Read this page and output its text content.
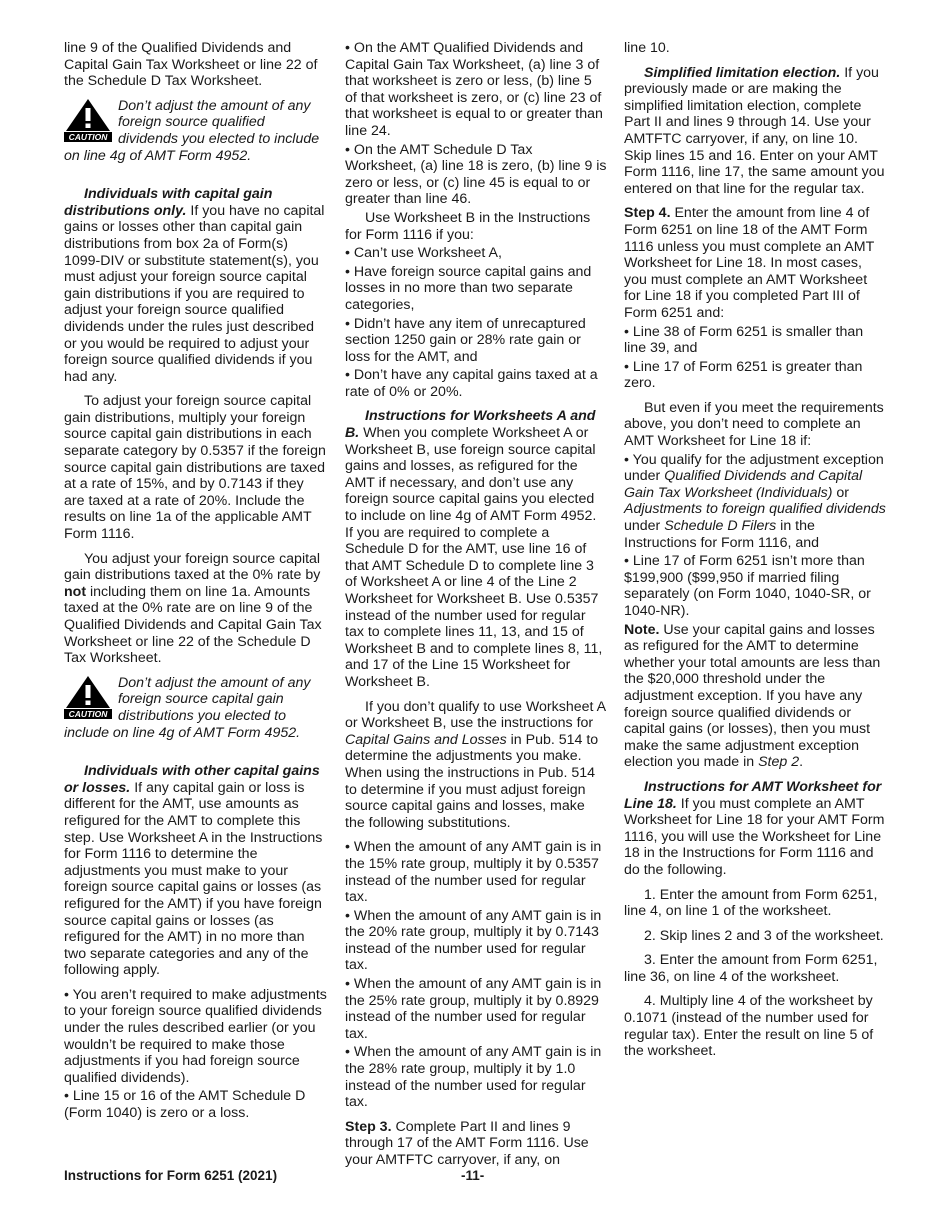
line 9 of the Qualified Dividends and Capital Gain Tax Worksheet or line 22 of the Schedule D Tax Worksheet.

CAUTION
Don’t adjust the amount of any foreign source qualified dividends you elected to include on line 4g of AMT Form 4952.

Individuals with capital gain distributions only. If you have no capital gains or losses other than capital gain distributions from box 2a of Form(s) 1099-DIV or substitute statement(s), you must adjust your foreign source capital gain distributions if you are required to adjust your foreign source qualified dividends under the rules just described or you would be required to adjust your foreign source qualified dividends if you had any.

To adjust your foreign source capital gain distributions, multiply your foreign source capital gain distributions in each separate category by 0.5357 if the foreign source capital gain distributions are taxed at a rate of 15%, and by 0.7143 if they are taxed at a rate of 20%. Include the results on line 1a of the applicable AMT Form 1116.

You adjust your foreign source capital gain distributions taxed at the 0% rate by not including them on line 1a. Amounts taxed at the 0% rate are on line 9 of the Qualified Dividends and Capital Gain Tax Worksheet or line 22 of the Schedule D Tax Worksheet.

CAUTION
Don’t adjust the amount of any foreign source capital gain distributions you elected to include on line 4g of AMT Form 4952.

Individuals with other capital gains or losses. If any capital gain or loss is different for the AMT, use amounts as refigured for the AMT to complete this step. Use Worksheet A in the Instructions for Form 1116 to determine the adjustments you must make to your foreign source capital gains or losses (as refigured for the AMT) if you have foreign source capital gains or losses (as refigured for the AMT) in no more than two separate categories and any of the following apply.

• You aren’t required to make adjustments to your foreign source qualified dividends under the rules described earlier (or you wouldn’t be required to make those adjustments if you had foreign source qualified dividends).

• Line 15 or 16 of the AMT Schedule D (Form 1040) is zero or a loss.

• On the AMT Qualified Dividends and Capital Gain Tax Worksheet, (a) line 3 of that worksheet is zero or less, (b) line 5 of that worksheet is zero, or (c) line 23 of that worksheet is equal to or greater than line 24.

• On the AMT Schedule D Tax Worksheet, (a) line 18 is zero, (b) line 9 is zero or less, or (c) line 45 is equal to or greater than line 46.

Use Worksheet B in the Instructions for Form 1116 if you:

• Can’t use Worksheet A,

• Have foreign source capital gains and losses in no more than two separate categories,

• Didn’t have any item of unrecaptured section 1250 gain or 28% rate gain or loss for the AMT, and

• Don’t have any capital gains taxed at a rate of 0% or 20%.

Instructions for Worksheets A and B. When you complete Worksheet A or Worksheet B, use foreign source capital gains and losses, as refigured for the AMT if necessary, and don’t use any foreign source capital gains you elected to include on line 4g of AMT Form 4952. If you are required to complete a Schedule D for the AMT, use line 16 of that AMT Schedule D to complete line 3 of Worksheet A or line 4 of the Line 2 Worksheet for Worksheet B. Use 0.5357 instead of the number used for regular tax to complete lines 11, 13, and 15 of Worksheet B and to complete lines 8, 11, and 17 of the Line 15 Worksheet for Worksheet B.

If you don’t qualify to use Worksheet A or Worksheet B, use the instructions for Capital Gains and Losses in Pub. 514 to determine the adjustments you make. When using the instructions in Pub. 514 to determine if you must adjust foreign source capital gains and losses, make the following substitutions.

• When the amount of any AMT gain is in the 15% rate group, multiply it by 0.5357 instead of the number used for regular tax.

• When the amount of any AMT gain is in the 20% rate group, multiply it by 0.7143 instead of the number used for regular tax.

• When the amount of any AMT gain is in the 25% rate group, multiply it by 0.8929 instead of the number used for regular tax.

• When the amount of any AMT gain is in the 28% rate group, multiply it by 1.0 instead of the number used for regular tax.

Step 3. Complete Part II and lines 9 through 17 of the AMT Form 1116. Use your AMTFTC carryover, if any, on

line 10.

Simplified limitation election. If you previously made or are making the simplified limitation election, complete Part II and lines 9 through 14. Use your AMTFTC carryover, if any, on line 10. Skip lines 15 and 16. Enter on your AMT Form 1116, line 17, the same amount you entered on that line for the regular tax.

Step 4. Enter the amount from line 4 of Form 6251 on line 18 of the AMT Form 1116 unless you must complete an AMT Worksheet for Line 18. In most cases, you must complete an AMT Worksheet for Line 18 if you completed Part III of Form 6251 and:

• Line 38 of Form 6251 is smaller than line 39, and

• Line 17 of Form 6251 is greater than zero.

But even if you meet the requirements above, you don’t need to complete an AMT Worksheet for Line 18 if:

• You qualify for the adjustment exception under Qualified Dividends and Capital Gain Tax Worksheet (Individuals) or Adjustments to foreign qualified dividends under Schedule D Filers in the Instructions for Form 1116, and

• Line 17 of Form 6251 isn’t more than $199,900 ($99,950 if married filing separately (on Form 1040, 1040-SR, or 1040-NR).

Note. Use your capital gains and losses as refigured for the AMT to determine whether your total amounts are less than the $20,000 threshold under the adjustment exception. If you have any foreign source qualified dividends or capital gains (or losses), then you must make the same adjustment exception election you made in Step 2.

Instructions for AMT Worksheet for Line 18. If you must complete an AMT Worksheet for Line 18 for your AMT Form 1116, you will use the Worksheet for Line 18 in the Instructions for Form 1116 and do the following.

1. Enter the amount from Form 6251, line 4, on line 1 of the worksheet.

2. Skip lines 2 and 3 of the worksheet.

3. Enter the amount from Form 6251, line 36, on line 4 of the worksheet.

4. Multiply line 4 of the worksheet by 0.1071 (instead of the number used for regular tax). Enter the result on line 5 of the worksheet.

Instructions for Form 6251 (2021)	-11-
